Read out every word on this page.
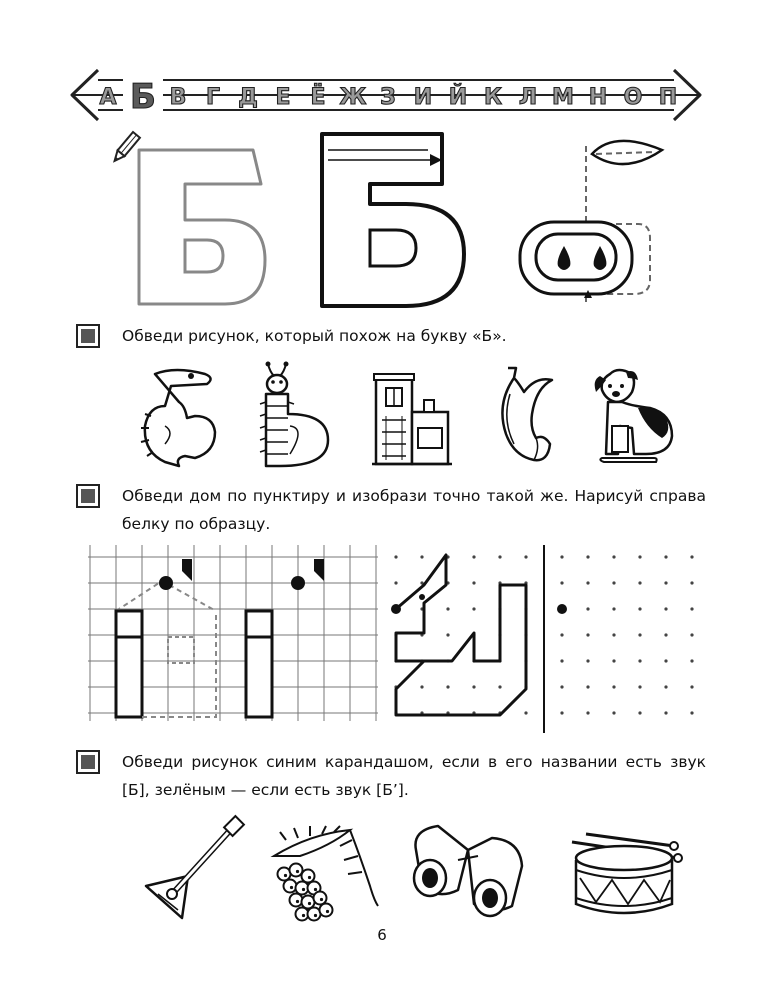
А Б В Г Д Е Ё Ж З И Й К Л М Н О П
Обведи рисунок, который похож на букву «Б».
Обведи дом по пунктиру и изобрази точно такой же. Нарисуй справа белку по образцу.
Обведи рисунок синим карандашом, если в его названии есть звук [Б], зелёным — если есть звук [Б’].
6
